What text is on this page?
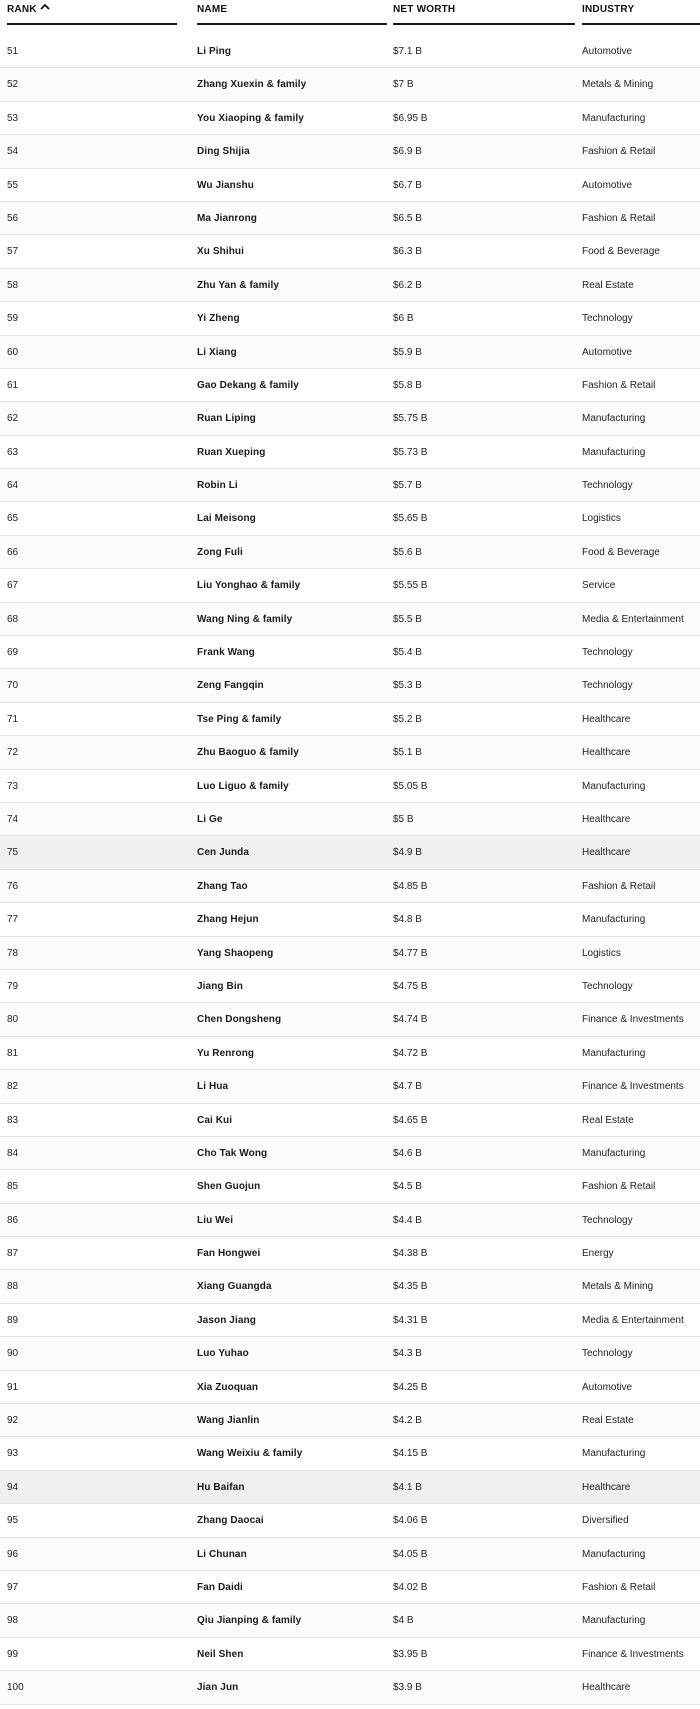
RANK	NAME	NET WORTH	INDUSTRY
51	Li Ping	$7.1 B	Automotive
52	Zhang Xuexin & family	$7 B	Metals & Mining
53	You Xiaoping & family	$6.95 B	Manufacturing
54	Ding Shijia	$6.9 B	Fashion & Retail
55	Wu Jianshu	$6.7 B	Automotive
56	Ma Jianrong	$6.5 B	Fashion & Retail
57	Xu Shihui	$6.3 B	Food & Beverage
58	Zhu Yan & family	$6.2 B	Real Estate
59	Yi Zheng	$6 B	Technology
60	Li Xiang	$5.9 B	Automotive
61	Gao Dekang & family	$5.8 B	Fashion & Retail
62	Ruan Liping	$5.75 B	Manufacturing
63	Ruan Xueping	$5.73 B	Manufacturing
64	Robin Li	$5.7 B	Technology
65	Lai Meisong	$5.65 B	Logistics
66	Zong Fuli	$5.6 B	Food & Beverage
67	Liu Yonghao & family	$5.55 B	Service
68	Wang Ning & family	$5.5 B	Media & Entertainment
69	Frank Wang	$5.4 B	Technology
70	Zeng Fangqin	$5.3 B	Technology
71	Tse Ping & family	$5.2 B	Healthcare
72	Zhu Baoguo & family	$5.1 B	Healthcare
73	Luo Liguo & family	$5.05 B	Manufacturing
74	Li Ge	$5 B	Healthcare
75	Cen Junda	$4.9 B	Healthcare
76	Zhang Tao	$4.85 B	Fashion & Retail
77	Zhang Hejun	$4.8 B	Manufacturing
78	Yang Shaopeng	$4.77 B	Logistics
79	Jiang Bin	$4.75 B	Technology
80	Chen Dongsheng	$4.74 B	Finance & Investments
81	Yu Renrong	$4.72 B	Manufacturing
82	Li Hua	$4.7 B	Finance & Investments
83	Cai Kui	$4.65 B	Real Estate
84	Cho Tak Wong	$4.6 B	Manufacturing
85	Shen Guojun	$4.5 B	Fashion & Retail
86	Liu Wei	$4.4 B	Technology
87	Fan Hongwei	$4.38 B	Energy
88	Xiang Guangda	$4.35 B	Metals & Mining
89	Jason Jiang	$4.31 B	Media & Entertainment
90	Luo Yuhao	$4.3 B	Technology
91	Xia Zuoquan	$4.25 B	Automotive
92	Wang Jianlin	$4.2 B	Real Estate
93	Wang Weixiu & family	$4.15 B	Manufacturing
94	Hu Baifan	$4.1 B	Healthcare
95	Zhang Daocai	$4.06 B	Diversified
96	Li Chunan	$4.05 B	Manufacturing
97	Fan Daidi	$4.02 B	Fashion & Retail
98	Qiu Jianping & family	$4 B	Manufacturing
99	Neil Shen	$3.95 B	Finance & Investments
100	Jian Jun	$3.9 B	Healthcare
